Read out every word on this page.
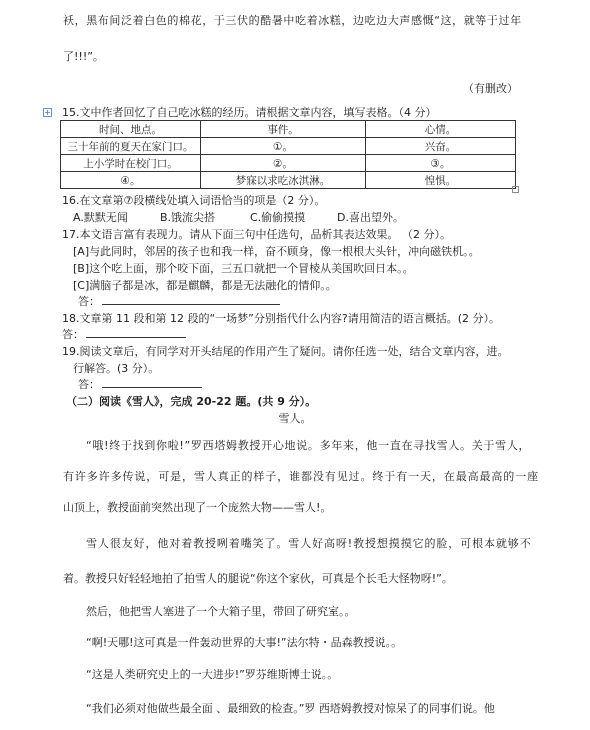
袄，黑布间泛着白色的棉花，于三伏的酷暑中吃着冰糕，边吃边大声感慨“这，就等于过年
了!!!”。
（有删改）
+ 15.文中作者回忆了自己吃冰糕的经历。请根据文章内容，填写表格。（4 分）
时间、地点。	事件。	心情。
三十年前的夏天在家门口。	①。	兴奋。
上小学时在校门口。	②。	③。
④。	梦寐以求吃冰淇淋。	惶惧。
16.在文章第⑦段横线处填入词语恰当的项是（2 分）。
A.默默无闻	B.饿流尖搭	C.偷偷摸摸	D.喜出望外。
17.本文语言富有表现力。请从下面三句中任选句，品析其表达效果。 （2 分）。
[A]与此同时，邻居的孩子也和我一样，奋不顾身，像一根根大头针，冲向磁铁机。。
[B]这个吃上面，那个咬下面，三五口就把一个冒棱从美国吹回日本。。
[C]满脑子都是冰，都是麒麟，都是无法融化的情仰。。
答：
18.文章第 11 段和第 12 段的“一场梦”分别指代什么内容?请用简洁的语言概括。(2 分）。
答：
19.阅读文章后，有同学对开头结尾的作用产生了疑问。请你任选一处，结合文章内容，进。
行解答。(3 分）。
答：
（二）阅读《雪人》，完成 20-22 题。(共 9 分）。
雪人。
“哦!终于找到你啦!”罗西塔姆教授开心地说。多年来，他一直在寻找雪人。关于雪人，
有许多许多传说，可是，雪人真正的样子，谁都没有见过。终于有一天，在最高最高的一座
山顶上，教授面前突然出现了一个庞然大物——雪人!。
雪人很友好，他对着教授咧着嘴笑了。雪人好高呀!教授想摸摸它的脸，可根本就够不
着。教授只好轻轻地拍了拍雪人的腿说“你这个家伙，可真是个长毛大怪物呀!”。
然后，他把雪人塞进了一个大箱子里，带回了研究室。。
“啊!天哪!这可真是一件轰动世界的大事!”法尔特・品森教授说。。
“这是人类研究史上的一大进步!”罗芬维斯博士说。。
“我们必须对他做些最全面 、最细致的检查。”罗 西塔姆教授对惊呆了的同事们说。他
